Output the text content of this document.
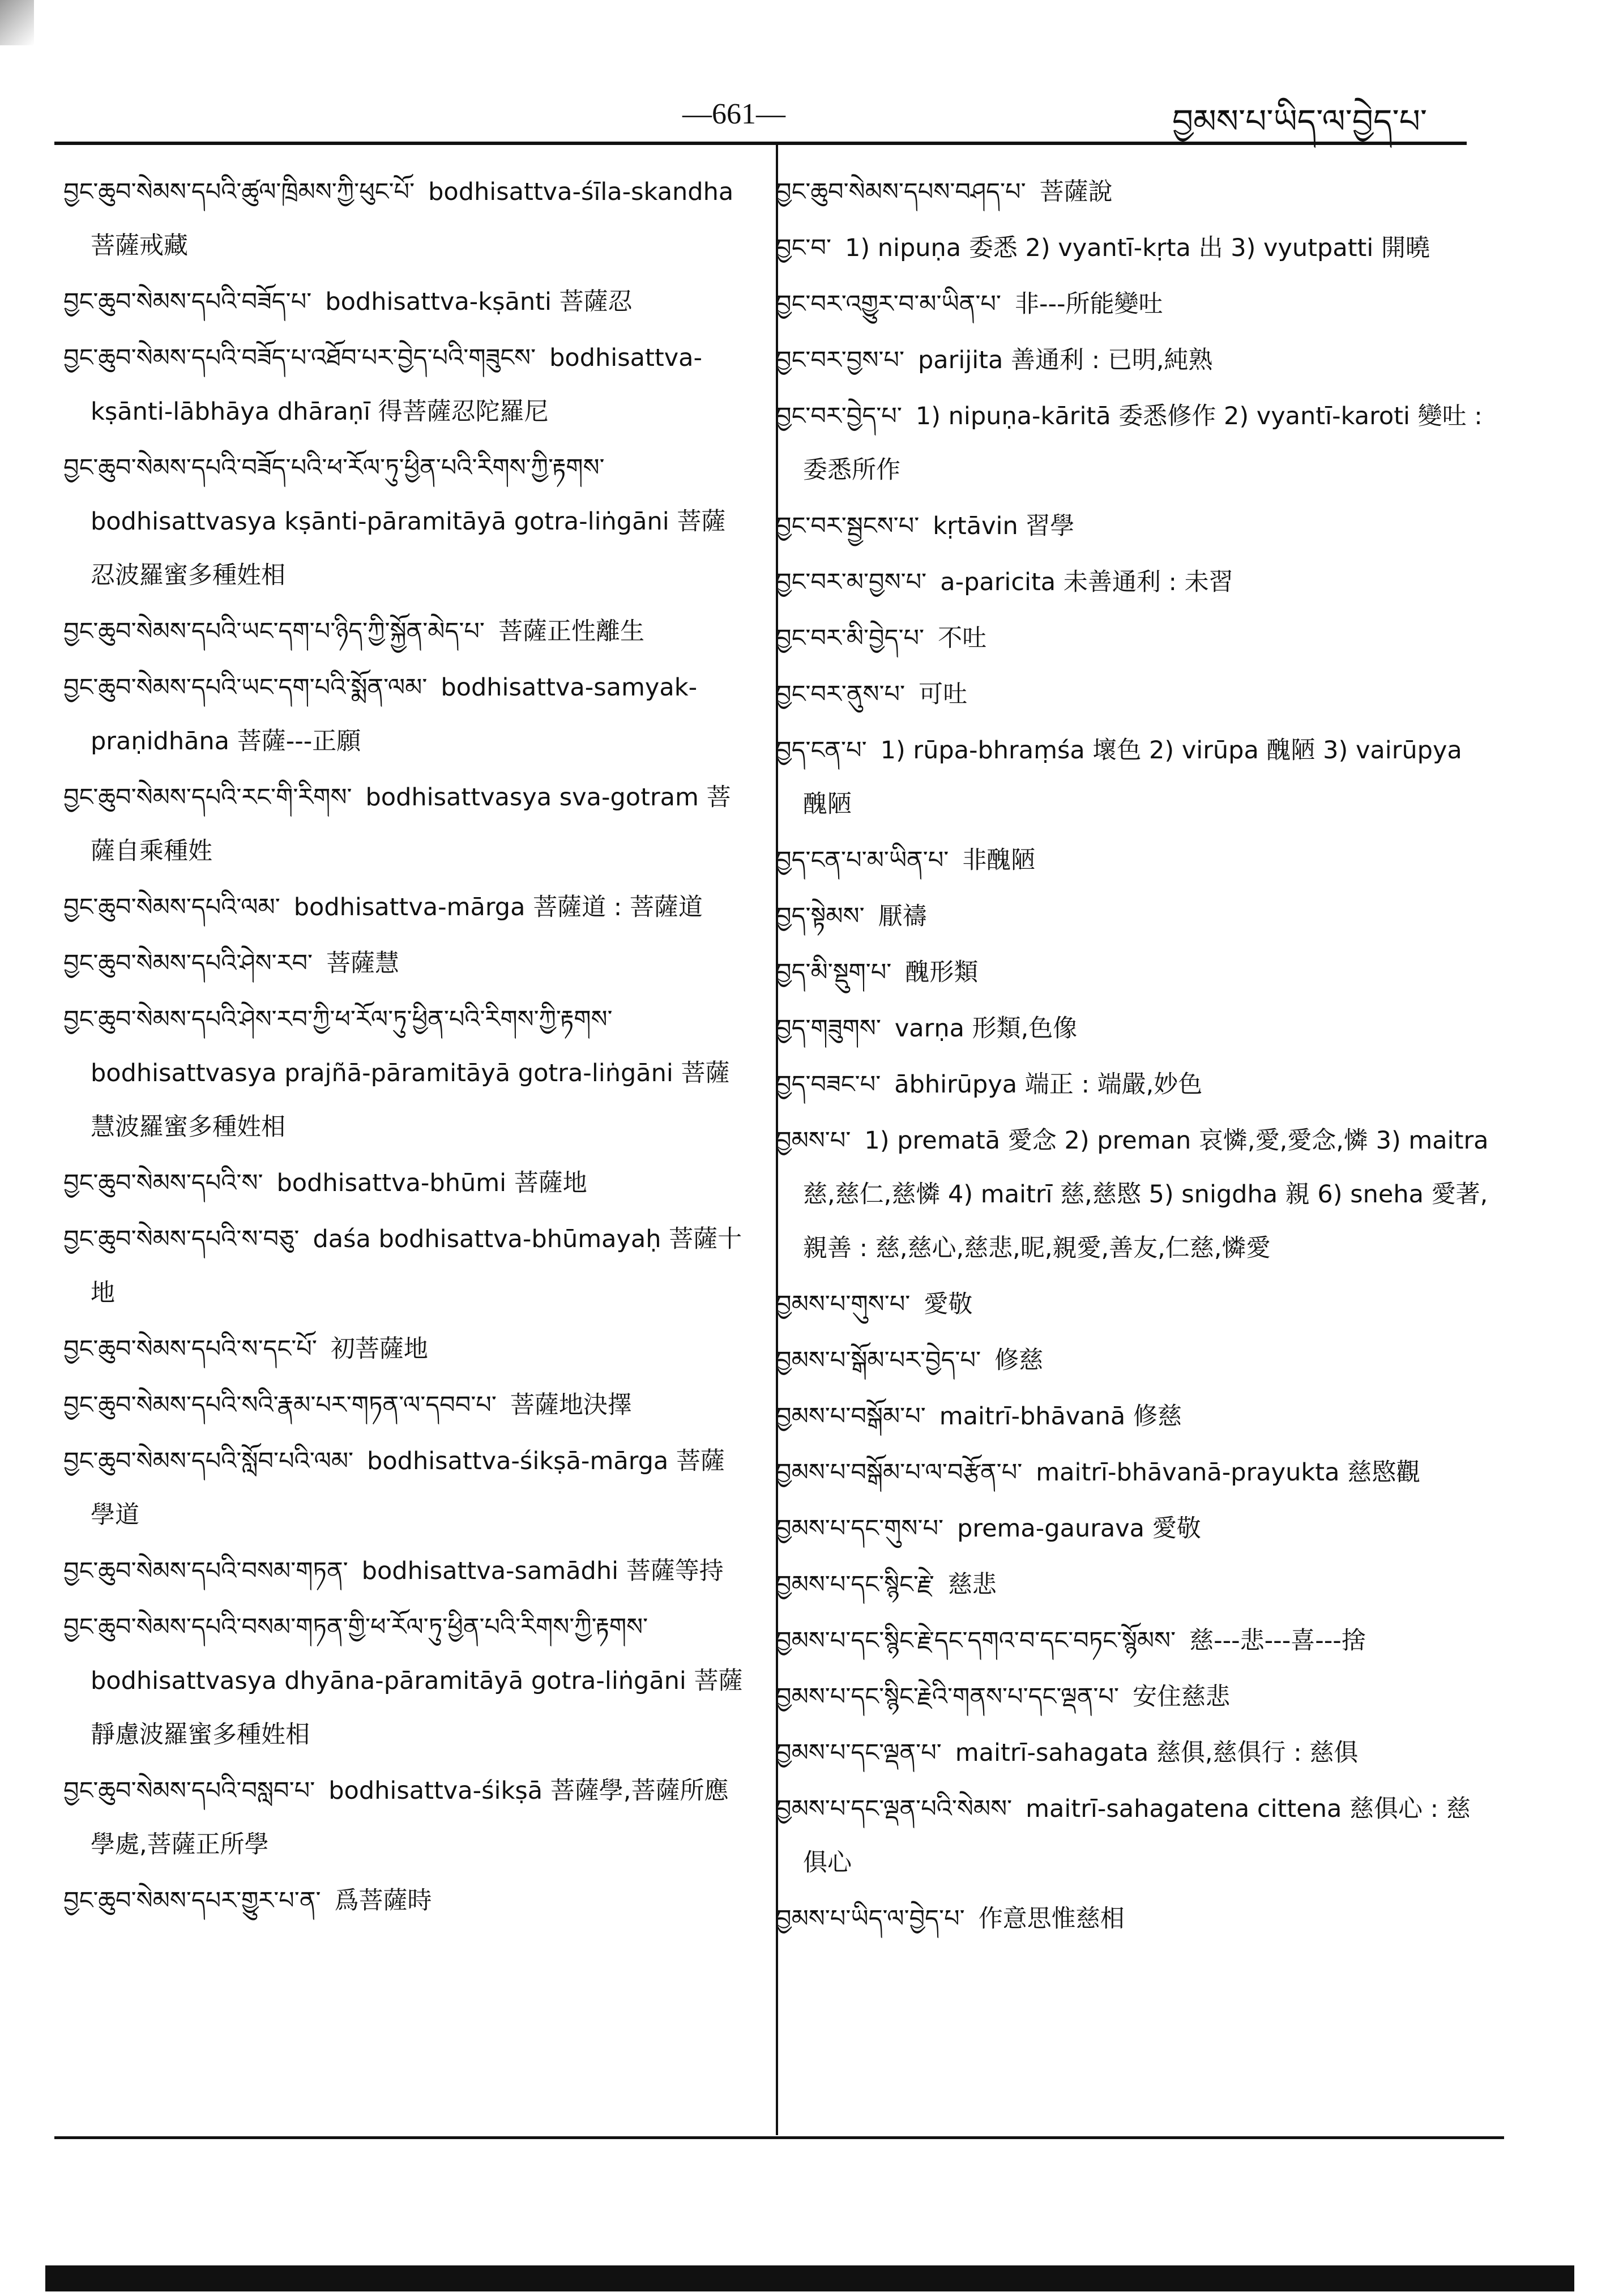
—661—	བྱམས་པ་ཡིད་ལ་བྱེད་པ་
བྱང་ཆུབ་སེམས་དཔའི་ཚུལ་ཁྲིམས་ཀྱི་ཕུང་པོ་ bodhisattva-śīla-skandha 菩薩戒藏
བྱང་ཆུབ་སེམས་དཔའི་བཟོད་པ་ bodhisattva-kṣānti 菩薩忍
བྱང་ཆུབ་སེམས་དཔའི་བཟོད་པ་འཐོབ་པར་བྱེད་པའི་གཟུངས་ bodhisattva-kṣānti-lābhāya dhāraṇī 得菩薩忍陀羅尼
བྱང་ཆུབ་སེམས་དཔའི་བཟོད་པའི་ཕ་རོལ་ཏུ་ཕྱིན་པའི་རིགས་ཀྱི་རྟགས་bodhisattvasya kṣānti-pāramitāyā gotra-liṅgāni 菩薩忍波羅蜜多種姓相
བྱང་ཆུབ་སེམས་དཔའི་ཡང་དག་པ་ཉིད་ཀྱི་སྐྱོན་མེད་པ་ 菩薩正性離生
བྱང་ཆུབ་སེམས་དཔའི་ཡང་དག་པའི་སྨོན་ལམ་ bodhisattva-samyak-praṇidhāna 菩薩---正願
བྱང་ཆུབ་སེམས་དཔའི་རང་གི་རིགས་ bodhisattvasya sva-gotram 菩薩自乘種姓
བྱང་ཆུབ་སེམས་དཔའི་ལམ་ bodhisattva-mārga 菩薩道 : 菩薩道
བྱང་ཆུབ་སེམས་དཔའི་ཤེས་རབ་ 菩薩慧
བྱང་ཆུབ་སེམས་དཔའི་ཤེས་རབ་ཀྱི་ཕ་རོལ་ཏུ་ཕྱིན་པའི་རིགས་ཀྱི་རྟགས་bodhisattvasya prajñā-pāramitāyā gotra-liṅgāni 菩薩慧波羅蜜多種姓相
བྱང་ཆུབ་སེམས་དཔའི་ས་ bodhisattva-bhūmi 菩薩地
བྱང་ཆུབ་སེམས་དཔའི་ས་བཅུ་ daśa bodhisattva-bhūmayaḥ 菩薩十地
བྱང་ཆུབ་སེམས་དཔའི་ས་དང་པོ་ 初菩薩地
བྱང་ཆུབ་སེམས་དཔའི་སའི་རྣམ་པར་གཏན་ལ་དབབ་པ་ 菩薩地決擇
བྱང་ཆུབ་སེམས་དཔའི་སློབ་པའི་ལམ་ bodhisattva-śikṣā-mārga 菩薩學道
བྱང་ཆུབ་སེམས་དཔའི་བསམ་གཏན་ bodhisattva-samādhi 菩薩等持
བྱང་ཆུབ་སེམས་དཔའི་བསམ་གཏན་གྱི་ཕ་རོལ་ཏུ་ཕྱིན་པའི་རིགས་ཀྱི་རྟགས་bodhisattvasya dhyāna-pāramitāyā gotra-liṅgāni 菩薩靜慮波羅蜜多種姓相
བྱང་ཆུབ་སེམས་དཔའི་བསླབ་པ་ bodhisattva-śikṣā 菩薩學,菩薩所應學處,菩薩正所學
བྱང་ཆུབ་སེམས་དཔར་གྱུར་པ་ན་ 爲菩薩時
བྱང་ཆུབ་སེམས་དཔས་བཤད་པ་ 菩薩說
བྱང་བ་ 1) nipuṇa 委悉 2) vyantī-kṛta 出 3) vyutpatti 開曉
བྱང་བར་འགྱུར་བ་མ་ཡིན་པ་ 非---所能變吐
བྱང་བར་བྱས་པ་ parijita 善通利 : 已明,純熟
བྱང་བར་བྱེད་པ་ 1) nipuṇa-kāritā 委悉修作 2) vyantī-karoti 變吐 : 委悉所作
བྱང་བར་སྦྱངས་པ་ kṛtāvin 習學
བྱང་བར་མ་བྱས་པ་ a-paricita 未善通利 : 未習
བྱང་བར་མི་བྱེད་པ་ 不吐
བྱང་བར་ནུས་པ་ 可吐
བྱད་ངན་པ་ 1) rūpa-bhraṃśa 壞色 2) virūpa 醜陋 3) vairūpya 醜陋
བྱད་ངན་པ་མ་ཡིན་པ་ 非醜陋
བྱད་སྟེམས་ 厭禱
བྱད་མི་སྡུག་པ་ 醜形類
བྱད་གཟུགས་ varṇa 形類,色像
བྱད་བཟང་པ་ ābhirūpya 端正 : 端嚴,妙色
བྱམས་པ་ 1) prematā 愛念 2) preman 哀憐,愛,愛念,憐 3) maitra 慈,慈仁,慈憐 4) maitrī 慈,慈愍 5) snigdha 親 6) sneha 愛著,親善 : 慈,慈心,慈悲,昵,親愛,善友,仁慈,憐愛
བྱམས་པ་གུས་པ་ 愛敬
བྱམས་པ་སྒོམ་པར་བྱེད་པ་ 修慈
བྱམས་པ་བསྒོམ་པ་ maitrī-bhāvanā 修慈
བྱམས་པ་བསྒོམ་པ་ལ་བརྩོན་པ་ maitrī-bhāvanā-prayukta 慈愍觀
བྱམས་པ་དང་གུས་པ་ prema-gaurava 愛敬
བྱམས་པ་དང་སྙིང་རྗེ་ 慈悲
བྱམས་པ་དང་སྙིང་རྗེ་དང་དགའ་བ་དང་བཏང་སྙོམས་ 慈---悲---喜---捨
བྱམས་པ་དང་སྙིང་རྗེའི་གནས་པ་དང་ལྡན་པ་ 安住慈悲
བྱམས་པ་དང་ལྡན་པ་ maitrī-sahagata 慈俱,慈俱行 : 慈俱
བྱམས་པ་དང་ལྡན་པའི་སེམས་ maitrī-sahagatena cittena 慈俱心 : 慈俱心
བྱམས་པ་ཡིད་ལ་བྱེད་པ་ 作意思惟慈相
